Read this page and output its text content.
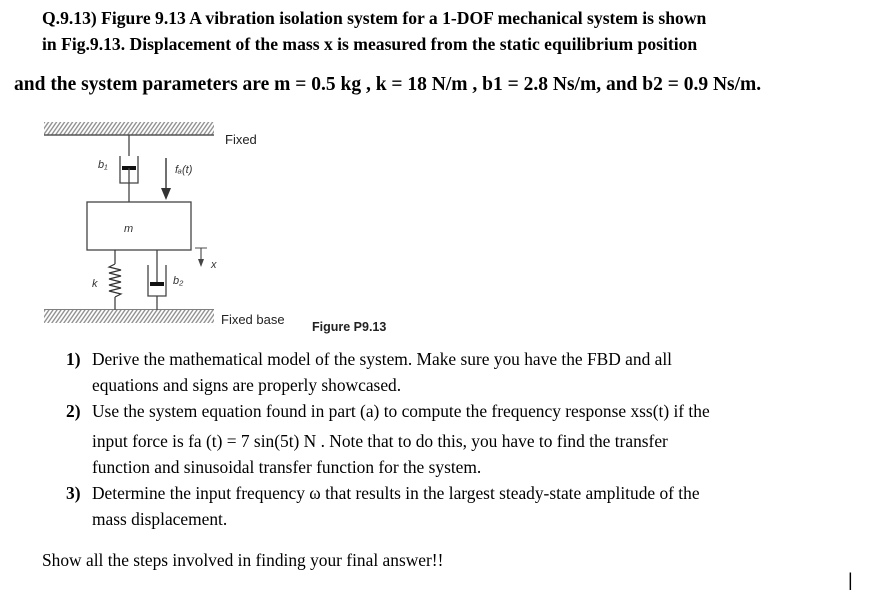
Q.9.13) Figure 9.13 A vibration isolation system for a 1-DOF mechanical system is shown
in Fig.9.13. Displacement of the mass x is measured from the static equilibrium position
and the system parameters are m = 0.5 kg , k = 18 N/m , b1 = 2.8 Ns/m, and b2 = 0.9 Ns/m.
Fixed
b₁	fₐ(t)
m
x
k	b₂
Fixed base Figure P9.13
1) Derive the mathematical model of the system. Make sure you have the FBD and all
equations and signs are properly showcased.
2) Use the system equation found in part (a) to compute the frequency response xss(t) if the
input force is fa (t) = 7 sin(5t) N . Note that to do this, you have to find the transfer
function and sinusoidal transfer function for the system.
3) Determine the input frequency ω that results in the largest steady-state amplitude of the
mass displacement.
Show all the steps involved in finding your final answer!!
|
